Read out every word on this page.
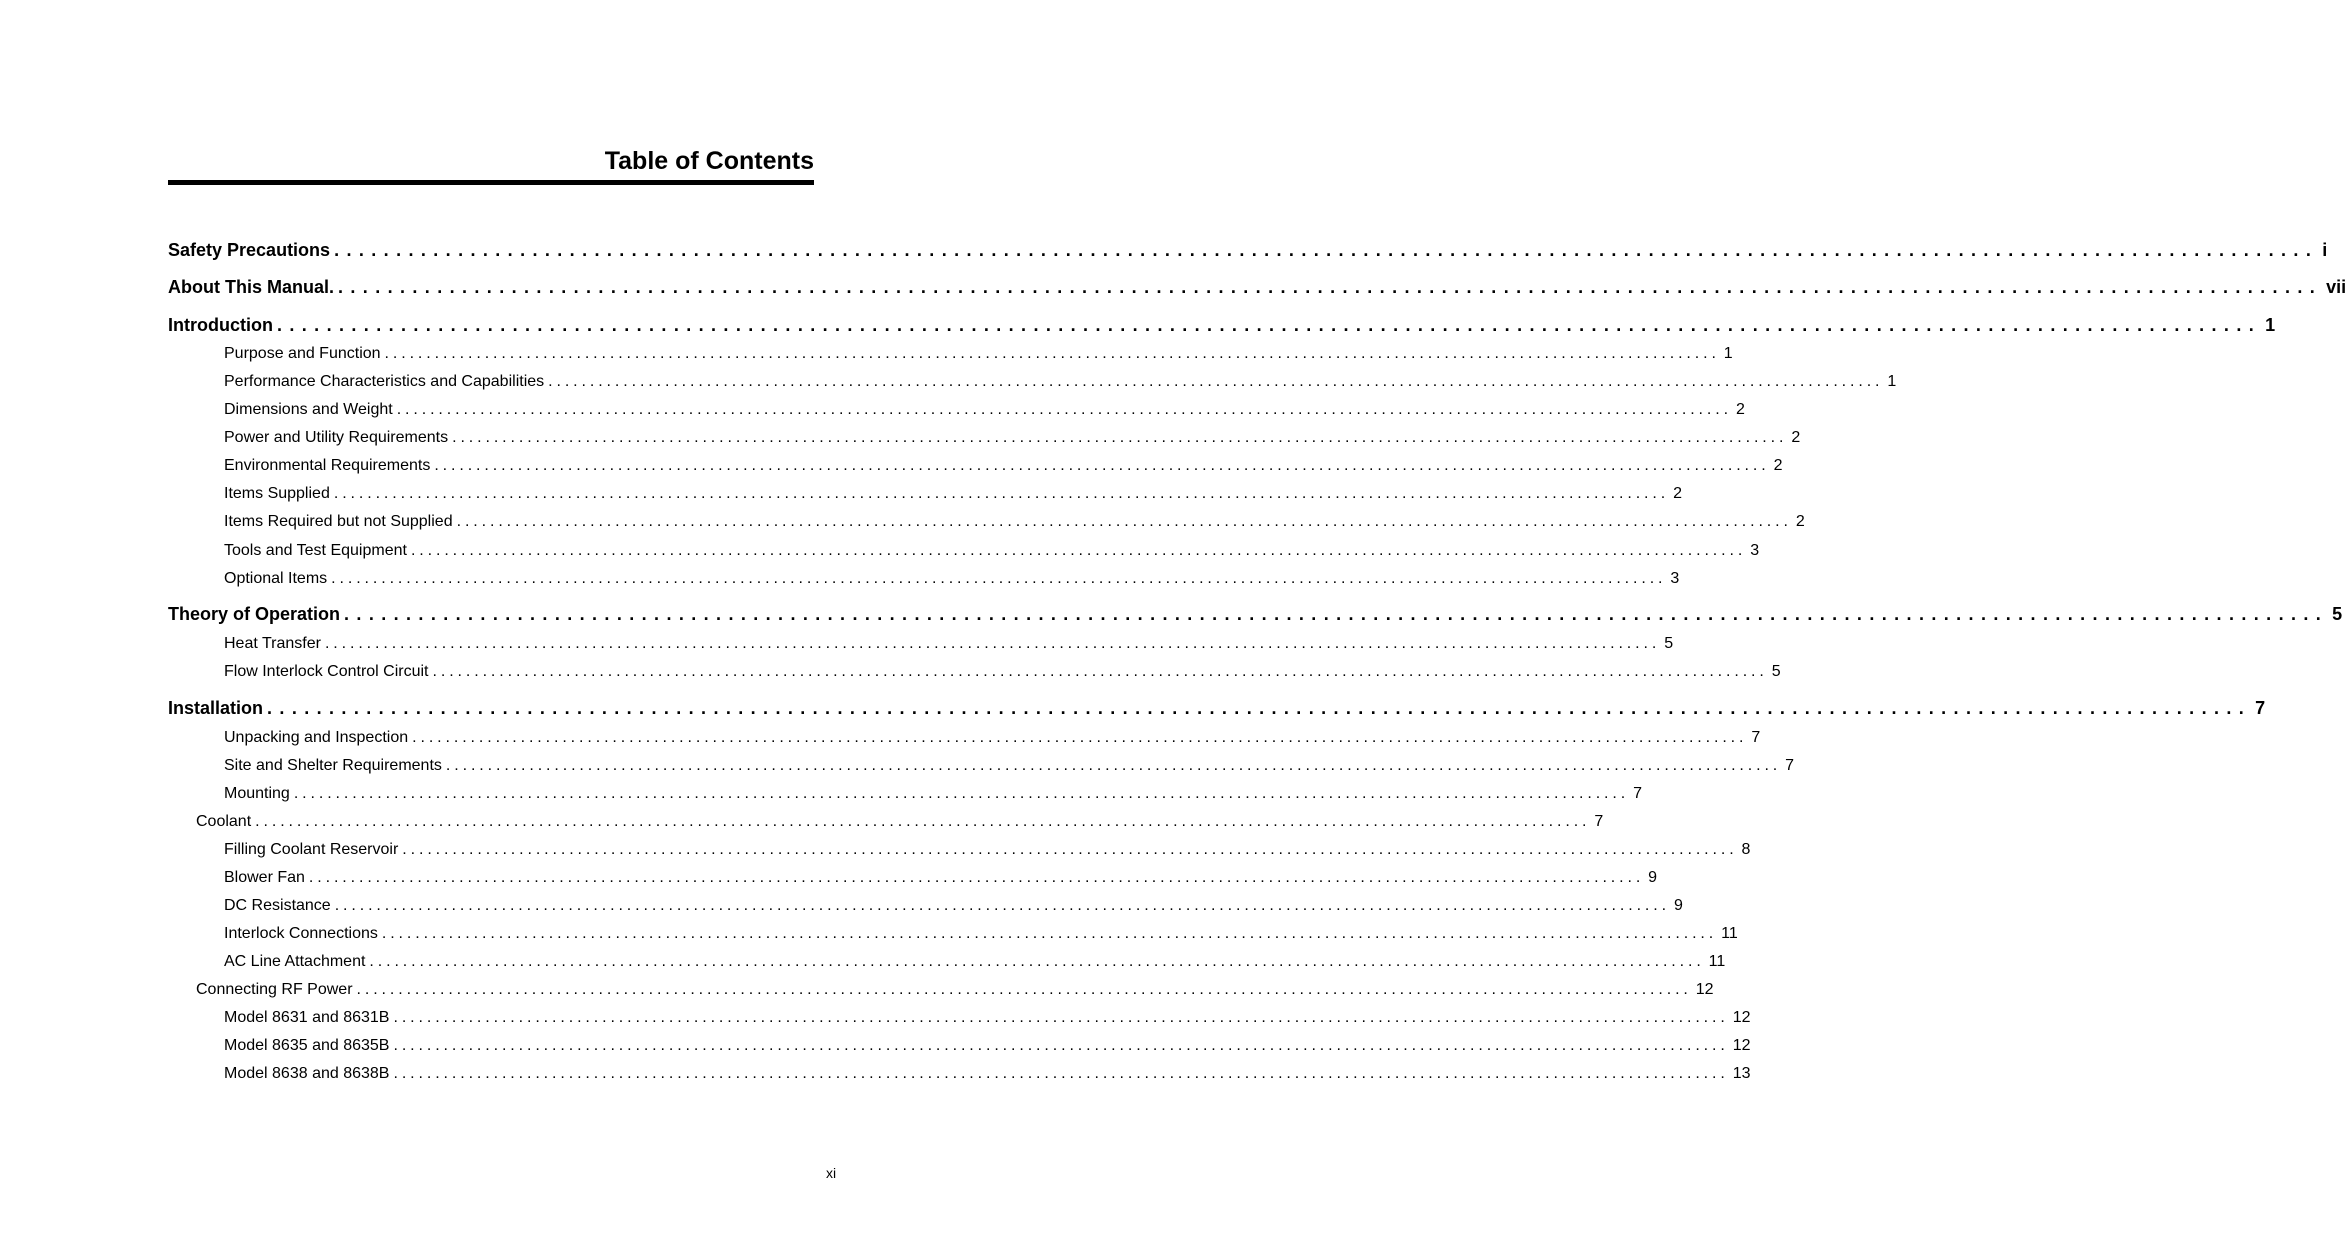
Table of Contents
Safety Precautions ................................................................................................................................................................ i
About This Manual. ................................................................................................................................................................ vii
Introduction ................................................................................................................................................................ 1
Purpose and Function ................................................................................................................................................................ 1
Performance Characteristics and Capabilities ................................................................................................................................................................ 1
Dimensions and Weight ................................................................................................................................................................ 2
Power and Utility Requirements ................................................................................................................................................................ 2
Environmental Requirements ................................................................................................................................................................ 2
Items Supplied ................................................................................................................................................................ 2
Items Required but not Supplied ................................................................................................................................................................ 2
Tools and Test Equipment ................................................................................................................................................................ 3
Optional Items ................................................................................................................................................................ 3
Theory of Operation ................................................................................................................................................................ 5
Heat Transfer ................................................................................................................................................................ 5
Flow Interlock Control Circuit ................................................................................................................................................................ 5
Installation ................................................................................................................................................................ 7
Unpacking and Inspection ................................................................................................................................................................ 7
Site and Shelter Requirements ................................................................................................................................................................ 7
Mounting ................................................................................................................................................................ 7
Coolant ................................................................................................................................................................ 7
Filling Coolant Reservoir ................................................................................................................................................................ 8
Blower Fan ................................................................................................................................................................ 9
DC Resistance ................................................................................................................................................................ 9
Interlock Connections ................................................................................................................................................................ 11
AC Line Attachment ................................................................................................................................................................ 11
Connecting RF Power ................................................................................................................................................................ 12
Model 8631 and 8631B ................................................................................................................................................................ 12
Model 8635 and 8635B ................................................................................................................................................................ 12
Model 8638 and 8638B ................................................................................................................................................................ 13
xi
